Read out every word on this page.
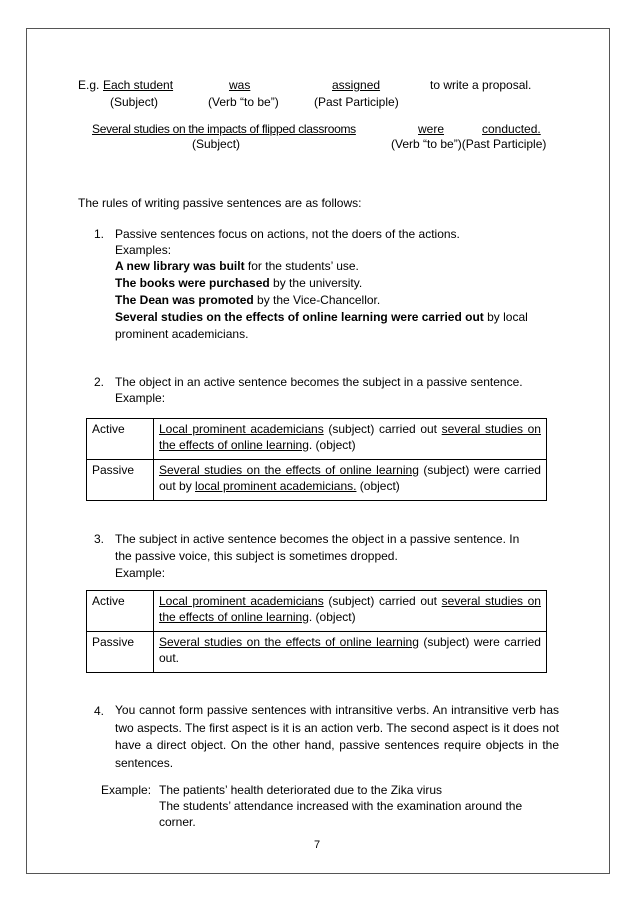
E.g. Each student	was	assigned	to write a proposal.
(Subject)	(Verb “to be”)	(Past Participle)
Several studies on the impacts of flipped classrooms	were	conducted.
(Subject)	(Verb “to be”)(Past Participle)
The rules of writing passive sentences are as follows:
1. Passive sentences focus on actions, not the doers of the actions.
Examples:
A new library was built for the students’ use.
The books were purchased by the university.
The Dean was promoted by the Vice-Chancellor.
Several studies on the effects of online learning were carried out by local
prominent academicians.
2. The object in an active sentence becomes the subject in a passive sentence.
Example:
Active	Local prominent academicians (subject) carried out several studies on the effects of online learning. (object)
Passive	Several studies on the effects of online learning (subject) were carried out by local prominent academicians. (object)
3. The subject in active sentence becomes the object in a passive sentence. In
the passive voice, this subject is sometimes dropped.
Example:
Active	Local prominent academicians (subject) carried out several studies on the effects of online learning. (object)
Passive	Several studies on the effects of online learning (subject) were carried out.
4. You cannot form passive sentences with intransitive verbs. An intransitive verb has two aspects. The first aspect is it is an action verb. The second aspect is it does not have a direct object. On the other hand, passive sentences require objects in the sentences.
Example: The patients’ health deteriorated due to the Zika virus
The students’ attendance increased with the examination around the
corner.
7
